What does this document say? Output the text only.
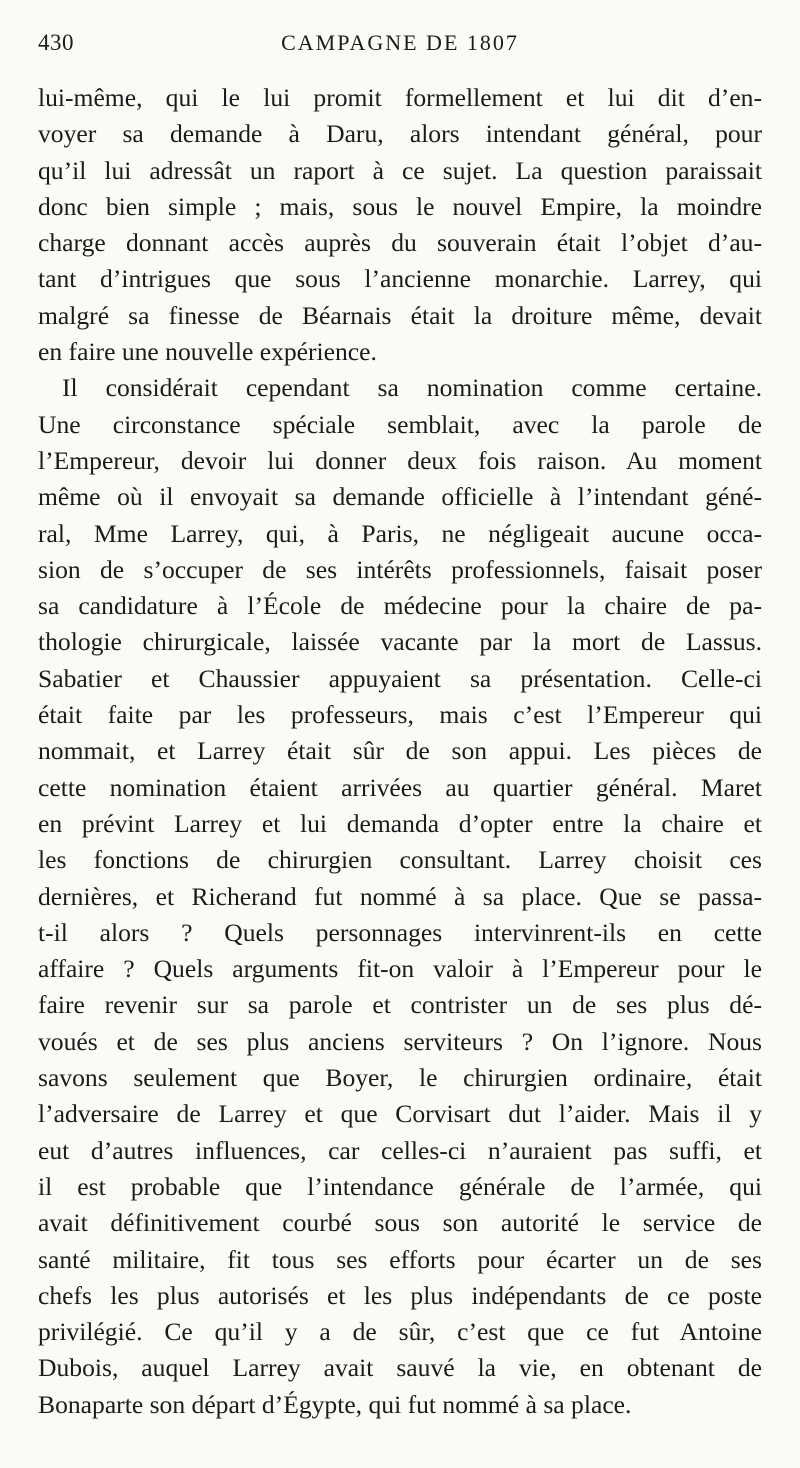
430	CAMPAGNE DE 1807
lui-même, qui le lui promit formellement et lui dit d’en-
voyer sa demande à Daru, alors intendant général, pour
qu’il lui adressât un raport à ce sujet. La question paraissait
donc bien simple ; mais, sous le nouvel Empire, la moindre
charge donnant accès auprès du souverain était l’objet d’au-
tant d’intrigues que sous l’ancienne monarchie. Larrey, qui
malgré sa finesse de Béarnais était la droiture même, devait
en faire une nouvelle expérience.
Il considérait cependant sa nomination comme certaine.
Une circonstance spéciale semblait, avec la parole de
l’Empereur, devoir lui donner deux fois raison. Au moment
même où il envoyait sa demande officielle à l’intendant géné-
ral, Mme Larrey, qui, à Paris, ne négligeait aucune occa-
sion de s’occuper de ses intérêts professionnels, faisait poser
sa candidature à l’École de médecine pour la chaire de pa-
thologie chirurgicale, laissée vacante par la mort de Lassus.
Sabatier et Chaussier appuyaient sa présentation. Celle-ci
était faite par les professeurs, mais c’est l’Empereur qui
nommait, et Larrey était sûr de son appui. Les pièces de
cette nomination étaient arrivées au quartier général. Maret
en prévint Larrey et lui demanda d’opter entre la chaire et
les fonctions de chirurgien consultant. Larrey choisit ces
dernières, et Richerand fut nommé à sa place. Que se passa-
t-il alors ? Quels personnages intervinrent-ils en cette
affaire ? Quels arguments fit-on valoir à l’Empereur pour le
faire revenir sur sa parole et contrister un de ses plus dé-
voués et de ses plus anciens serviteurs ? On l’ignore. Nous
savons seulement que Boyer, le chirurgien ordinaire, était
l’adversaire de Larrey et que Corvisart dut l’aider. Mais il y
eut d’autres influences, car celles-ci n’auraient pas suffi, et
il est probable que l’intendance générale de l’armée, qui
avait définitivement courbé sous son autorité le service de
santé militaire, fit tous ses efforts pour écarter un de ses
chefs les plus autorisés et les plus indépendants de ce poste
privilégié. Ce qu’il y a de sûr, c’est que ce fut Antoine
Dubois, auquel Larrey avait sauvé la vie, en obtenant de
Bonaparte son départ d’Égypte, qui fut nommé à sa place.
